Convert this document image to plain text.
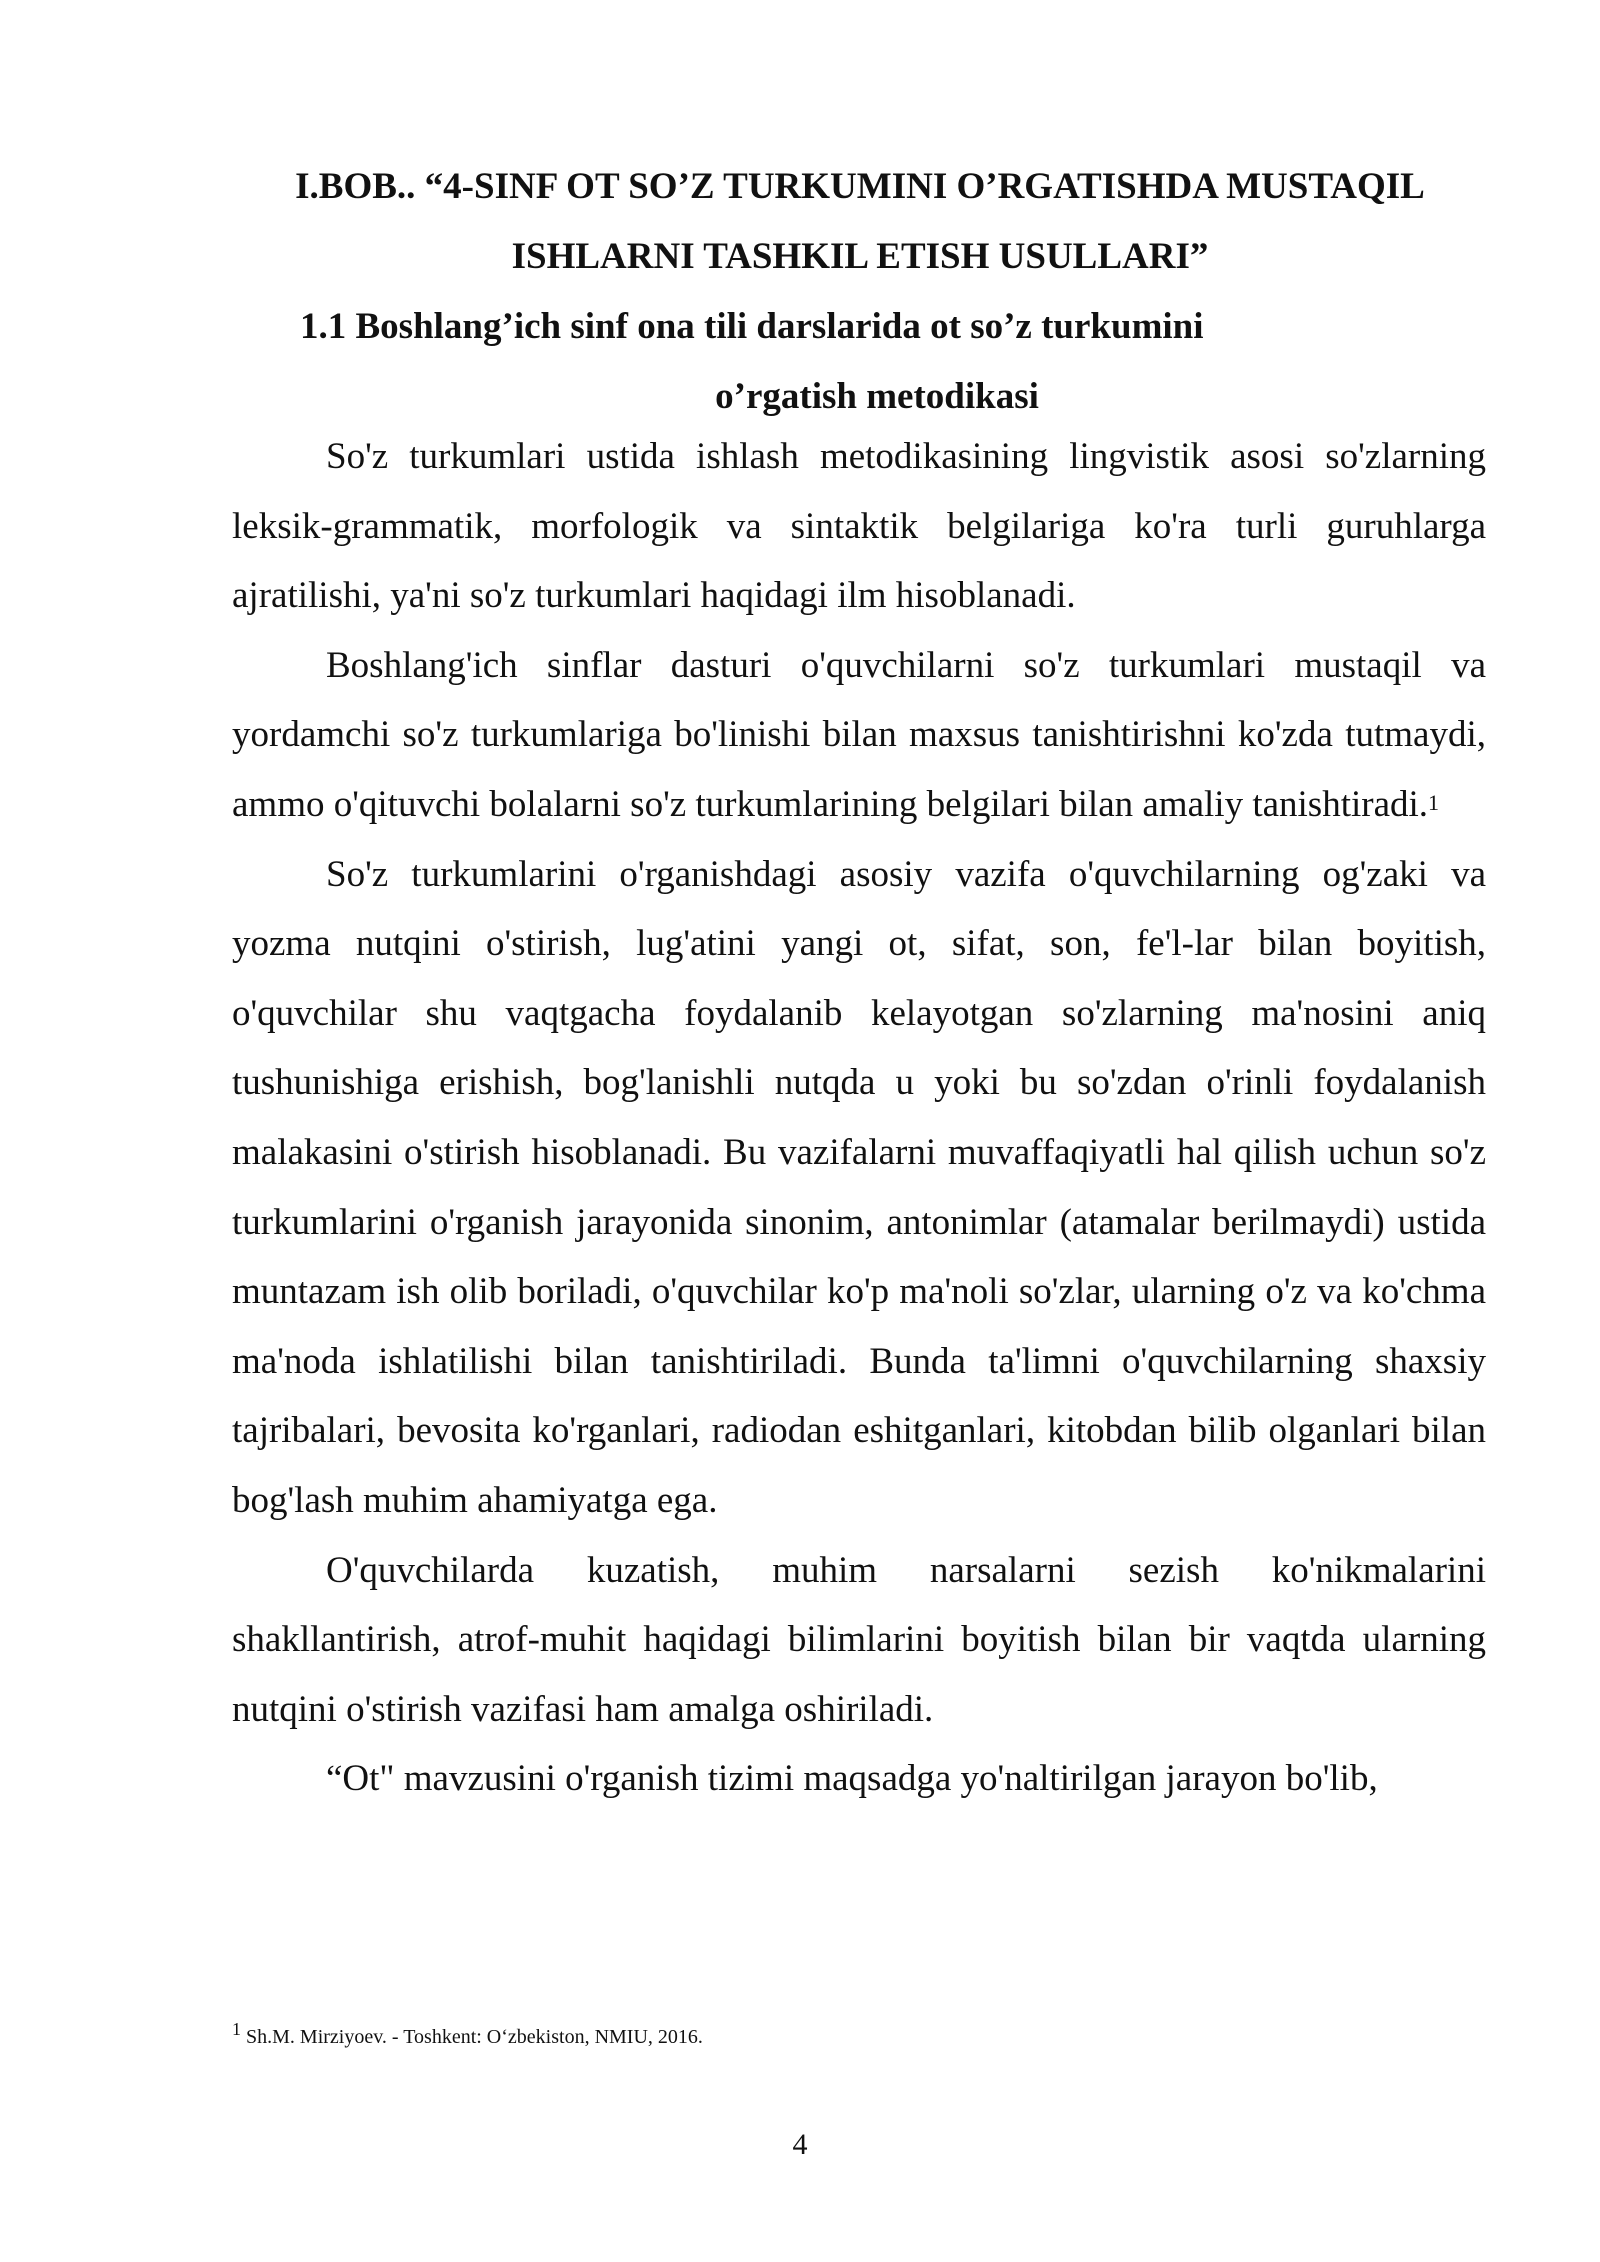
I.BOB.. “4-SINF OT SO’Z TURKUMINI O’RGATISHDA MUSTAQIL
ISHLARNI TASHKIL ETISH USULLARI”
1.1 Boshlang’ich sinf ona tili darslarida ot so’z turkumini
o’rgatish metodikasi

So'z turkumlari ustida ishlash metodikasining lingvistik asosi so'zlarning leksik-grammatik, morfologik va sintaktik belgilariga ko'ra turli guruhlarga ajratilishi, ya'ni so'z turkumlari haqidagi ilm hisoblanadi.

Boshlang'ich sinflar dasturi o'quvchilarni so'z turkumlari mustaqil va yordamchi so'z turkumlariga bo'linishi bilan maxsus tanishtirishni ko'zda tutmaydi, ammo o'qituvchi bolalarni so'z turkumlarining belgilari bilan amaliy tanishtiradi.$^1$

So'z turkumlarini o'rganishdagi asosiy vazifa o'quvchilarning og'zaki va yozma nutqini o'stirish, lug'atini yangi ot, sifat, son, fe'l-lar bilan boyitish, o'quvchilar shu vaqtgacha foydalanib kelayotgan so'zlarning ma'nosini aniq tushunishiga erishish, bog'lanishli nutqda u yoki bu so'zdan o'rinli foydalanish malakasini o'stirish hisoblanadi. Bu vazifalarni muvaffaqiyatli hal qilish uchun so'z turkumlarini o'rganish jarayonida sinonim, antonimlar (atamalar berilmaydi) ustida muntazam ish olib boriladi, o'quvchilar ko'p ma'noli so'zlar, ularning o'z va ko'chma ma'noda ishlatilishi bilan tanishtiriladi. Bunda ta'limni o'quvchilarning shaxsiy tajribalari, bevosita ko'rganlari, radiodan eshitganlari, kitobdan bilib olganlari bilan bog'lash muhim ahamiyatga ega.

O'quvchilarda kuzatish, muhim narsalarni sezish ko'nikmalarini shakllantirish, atrof-muhit haqidagi bilimlarini boyitish bilan bir vaqtda ularning nutqini o'stirish vazifasi ham amalga oshiriladi.

“Ot" mavzusini o'rganish tizimi maqsadga yo'naltirilgan jarayon bo'lib,

$^1$ Sh.M. Mirziyoev. - Toshkent: O‘zbekiston, NMIU, 2016.
4
